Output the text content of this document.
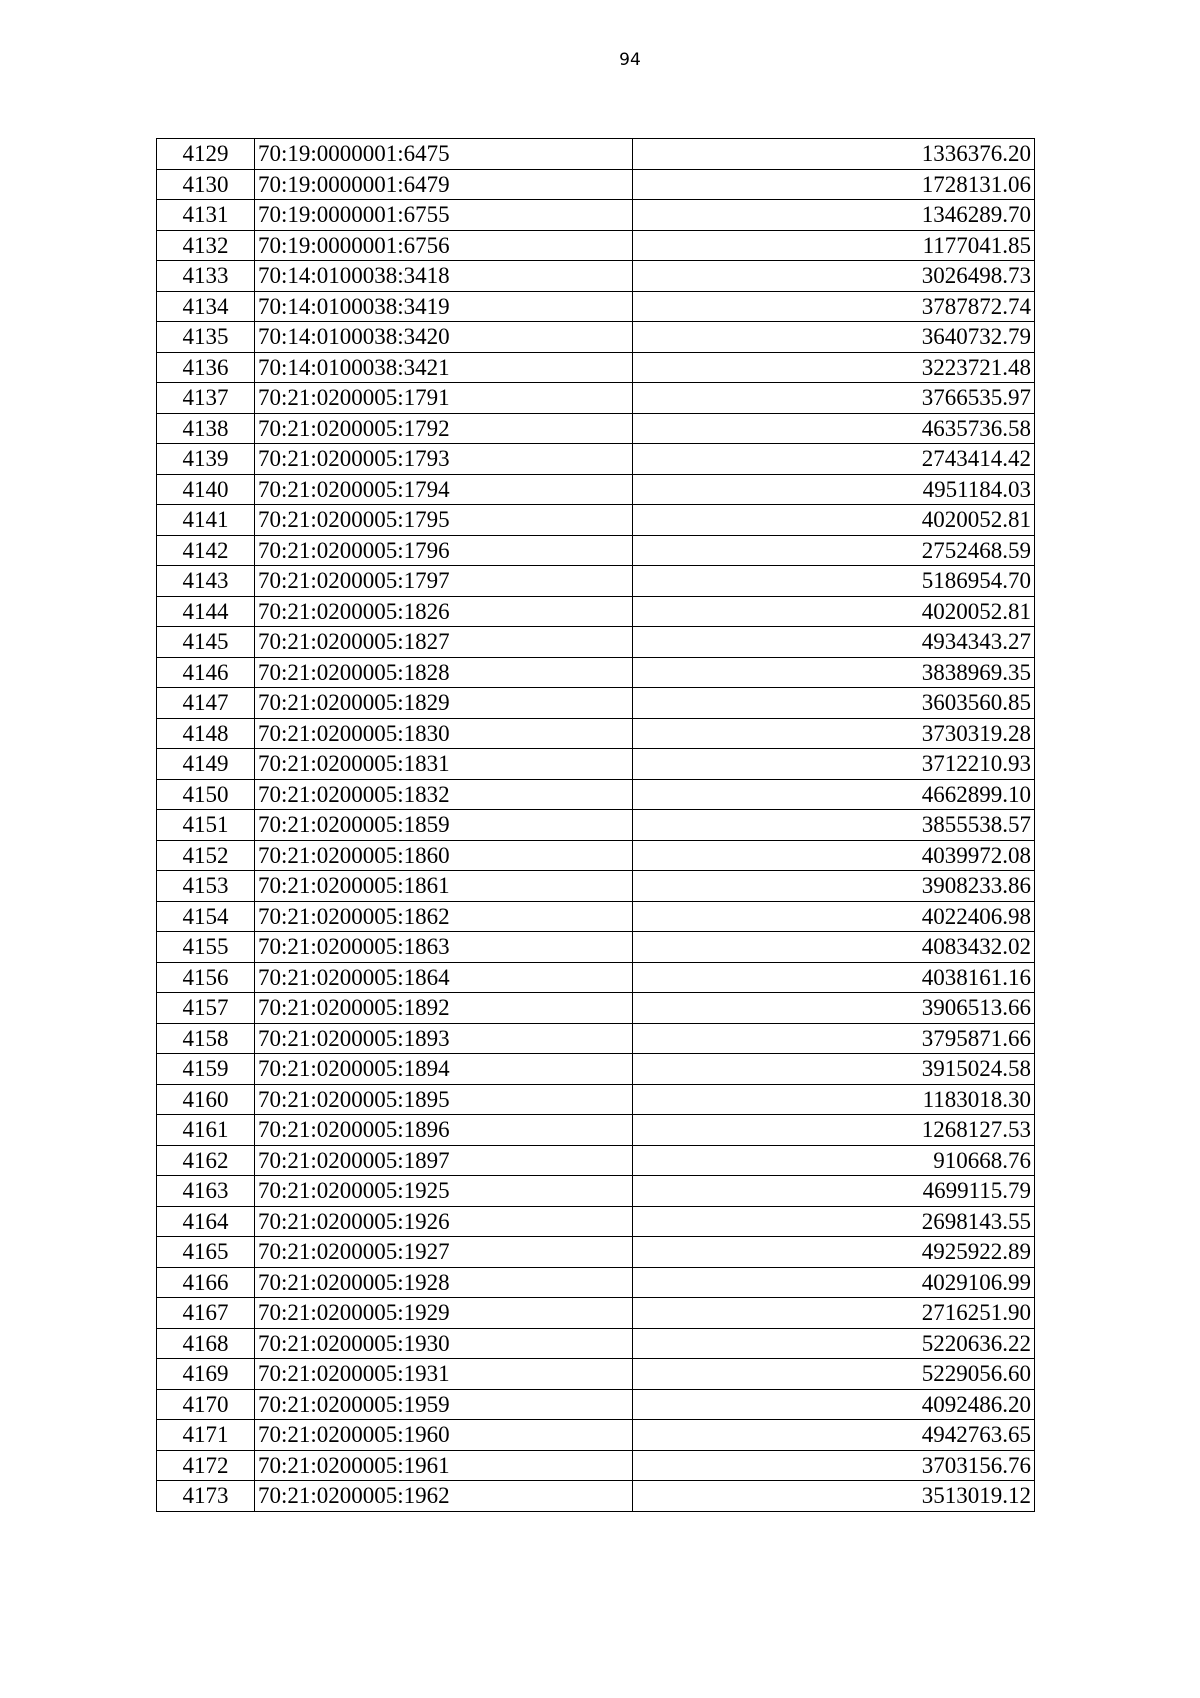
94
4129	70:19:0000001:6475	1336376.20
4130	70:19:0000001:6479	1728131.06
4131	70:19:0000001:6755	1346289.70
4132	70:19:0000001:6756	1177041.85
4133	70:14:0100038:3418	3026498.73
4134	70:14:0100038:3419	3787872.74
4135	70:14:0100038:3420	3640732.79
4136	70:14:0100038:3421	3223721.48
4137	70:21:0200005:1791	3766535.97
4138	70:21:0200005:1792	4635736.58
4139	70:21:0200005:1793	2743414.42
4140	70:21:0200005:1794	4951184.03
4141	70:21:0200005:1795	4020052.81
4142	70:21:0200005:1796	2752468.59
4143	70:21:0200005:1797	5186954.70
4144	70:21:0200005:1826	4020052.81
4145	70:21:0200005:1827	4934343.27
4146	70:21:0200005:1828	3838969.35
4147	70:21:0200005:1829	3603560.85
4148	70:21:0200005:1830	3730319.28
4149	70:21:0200005:1831	3712210.93
4150	70:21:0200005:1832	4662899.10
4151	70:21:0200005:1859	3855538.57
4152	70:21:0200005:1860	4039972.08
4153	70:21:0200005:1861	3908233.86
4154	70:21:0200005:1862	4022406.98
4155	70:21:0200005:1863	4083432.02
4156	70:21:0200005:1864	4038161.16
4157	70:21:0200005:1892	3906513.66
4158	70:21:0200005:1893	3795871.66
4159	70:21:0200005:1894	3915024.58
4160	70:21:0200005:1895	1183018.30
4161	70:21:0200005:1896	1268127.53
4162	70:21:0200005:1897	910668.76
4163	70:21:0200005:1925	4699115.79
4164	70:21:0200005:1926	2698143.55
4165	70:21:0200005:1927	4925922.89
4166	70:21:0200005:1928	4029106.99
4167	70:21:0200005:1929	2716251.90
4168	70:21:0200005:1930	5220636.22
4169	70:21:0200005:1931	5229056.60
4170	70:21:0200005:1959	4092486.20
4171	70:21:0200005:1960	4942763.65
4172	70:21:0200005:1961	3703156.76
4173	70:21:0200005:1962	3513019.12
